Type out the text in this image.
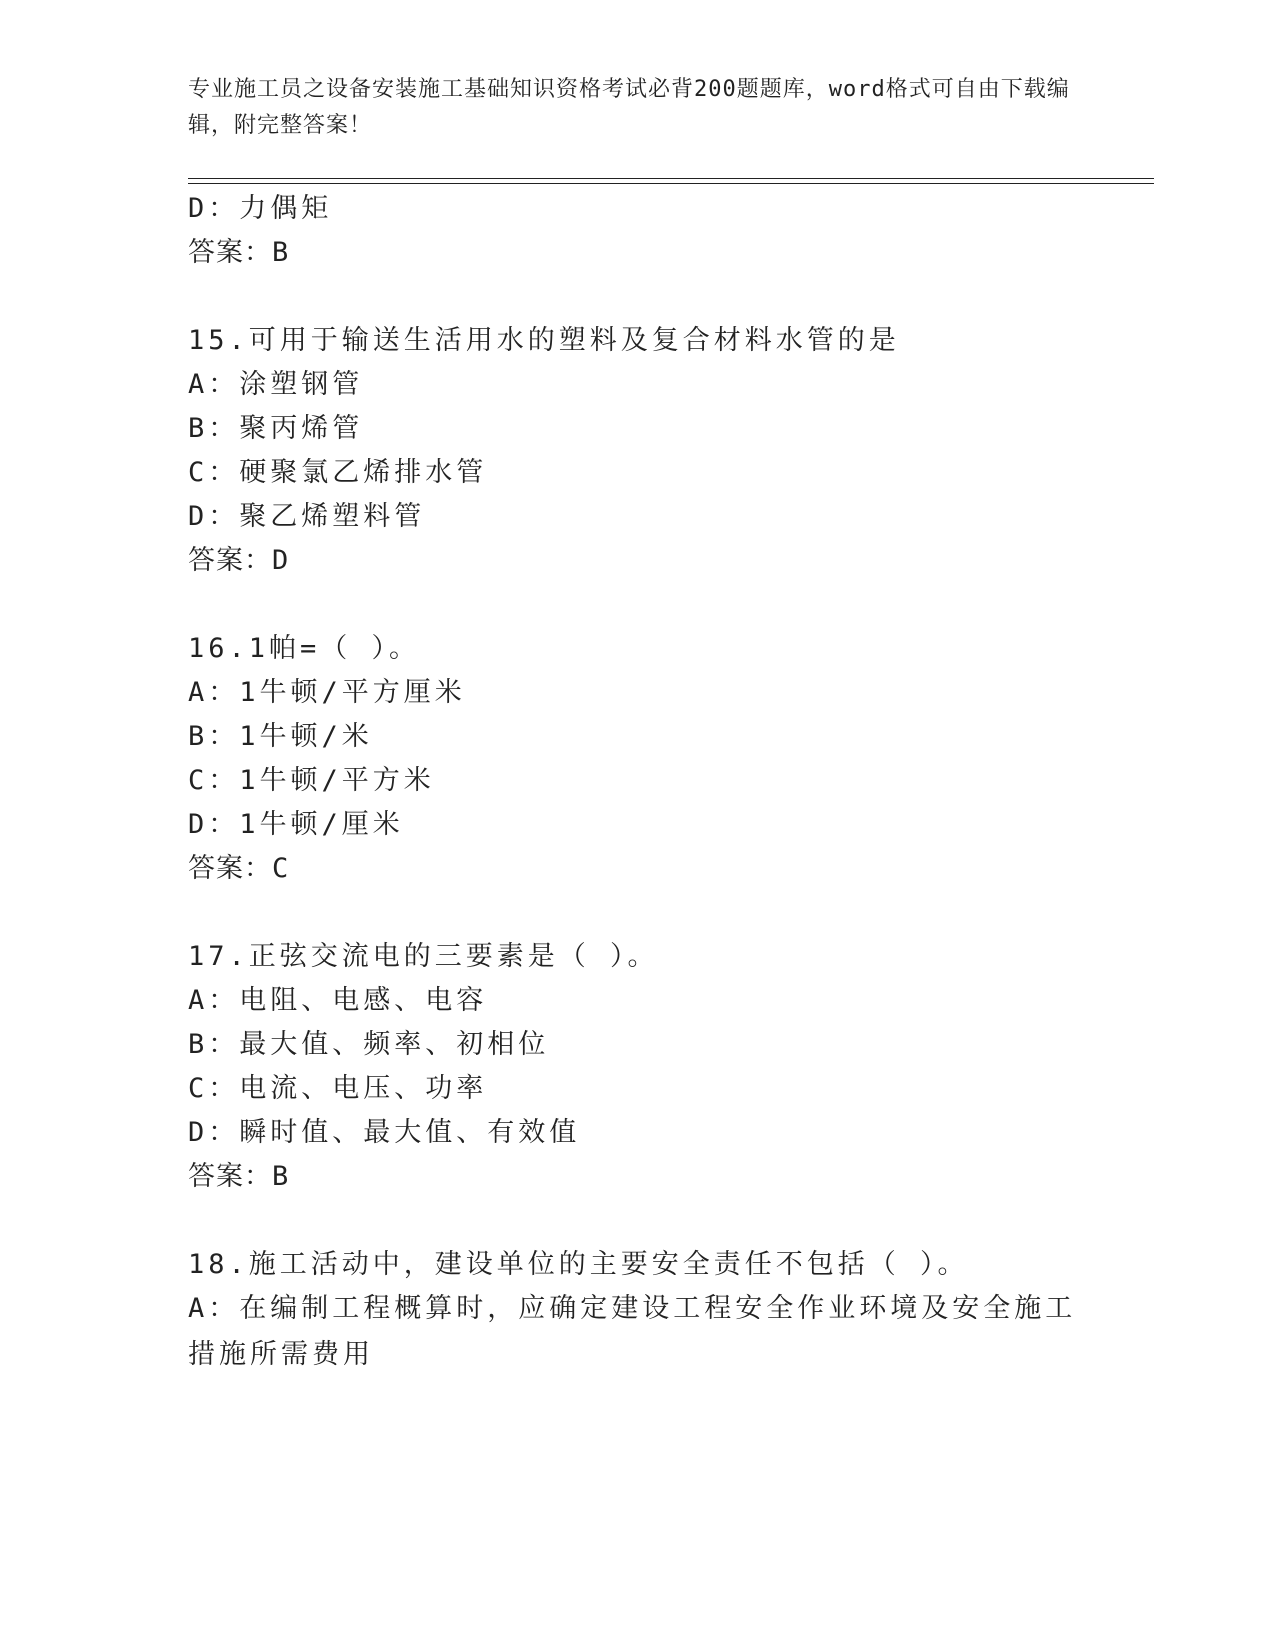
专业施工员之设备安装施工基础知识资格考试必背200题题库，word格式可自由下载编辑，附完整答案！
D：力偶矩
答案：B
15.可用于输送生活用水的塑料及复合材料水管的是
A：涂塑钢管
B：聚丙烯管
C：硬聚氯乙烯排水管
D：聚乙烯塑料管
答案：D
16.1帕=（ ）。
A：1牛顿/平方厘米
B：1牛顿/米
C：1牛顿/平方米
D：1牛顿/厘米
答案：C
17.正弦交流电的三要素是（ ）。
A：电阻、电感、电容
B：最大值、频率、初相位
C：电流、电压、功率
D：瞬时值、最大值、有效值
答案：B
18.施工活动中，建设单位的主要安全责任不包括（ ）。
A：在编制工程概算时，应确定建设工程安全作业环境及安全施工措施所需费用
